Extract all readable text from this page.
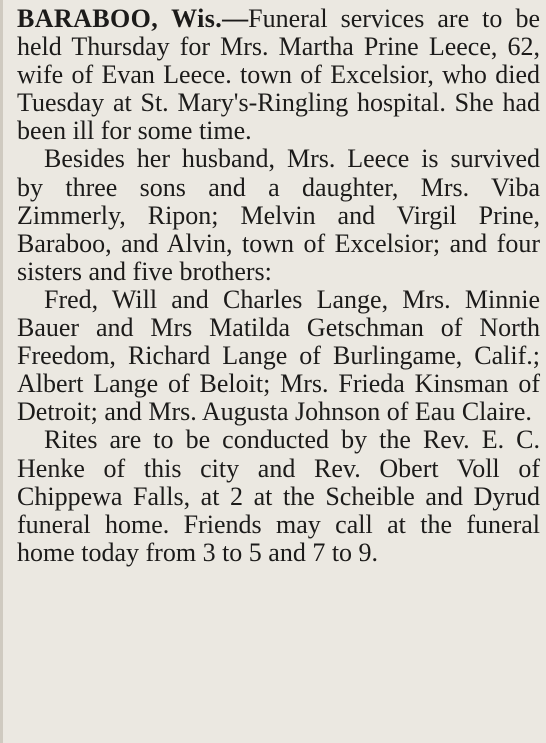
BARABOO, Wis.—Funeral services are to be held Thursday for Mrs. Martha Prine Leece, 62, wife of Evan Leece. town of Excelsior, who died Tuesday at St. Mary's-Ringling hospital. She had been ill for some time.

Besides her husband, Mrs. Leece is survived by three sons and a daughter, Mrs. Viba Zimmerly, Ripon; Melvin and Virgil Prine, Baraboo, and Alvin, town of Excelsior; and four sisters and five brothers:

Fred, Will and Charles Lange, Mrs. Minnie Bauer and Mrs Matilda Getschman of North Freedom, Richard Lange of Burlingame, Calif.; Albert Lange of Beloit; Mrs. Frieda Kinsman of Detroit; and Mrs. Augusta Johnson of Eau Claire.

Rites are to be conducted by the Rev. E. C. Henke of this city and Rev. Obert Voll of Chippewa Falls, at 2 at the Scheible and Dyrud funeral home. Friends may call at the funeral home today from 3 to 5 and 7 to 9.
